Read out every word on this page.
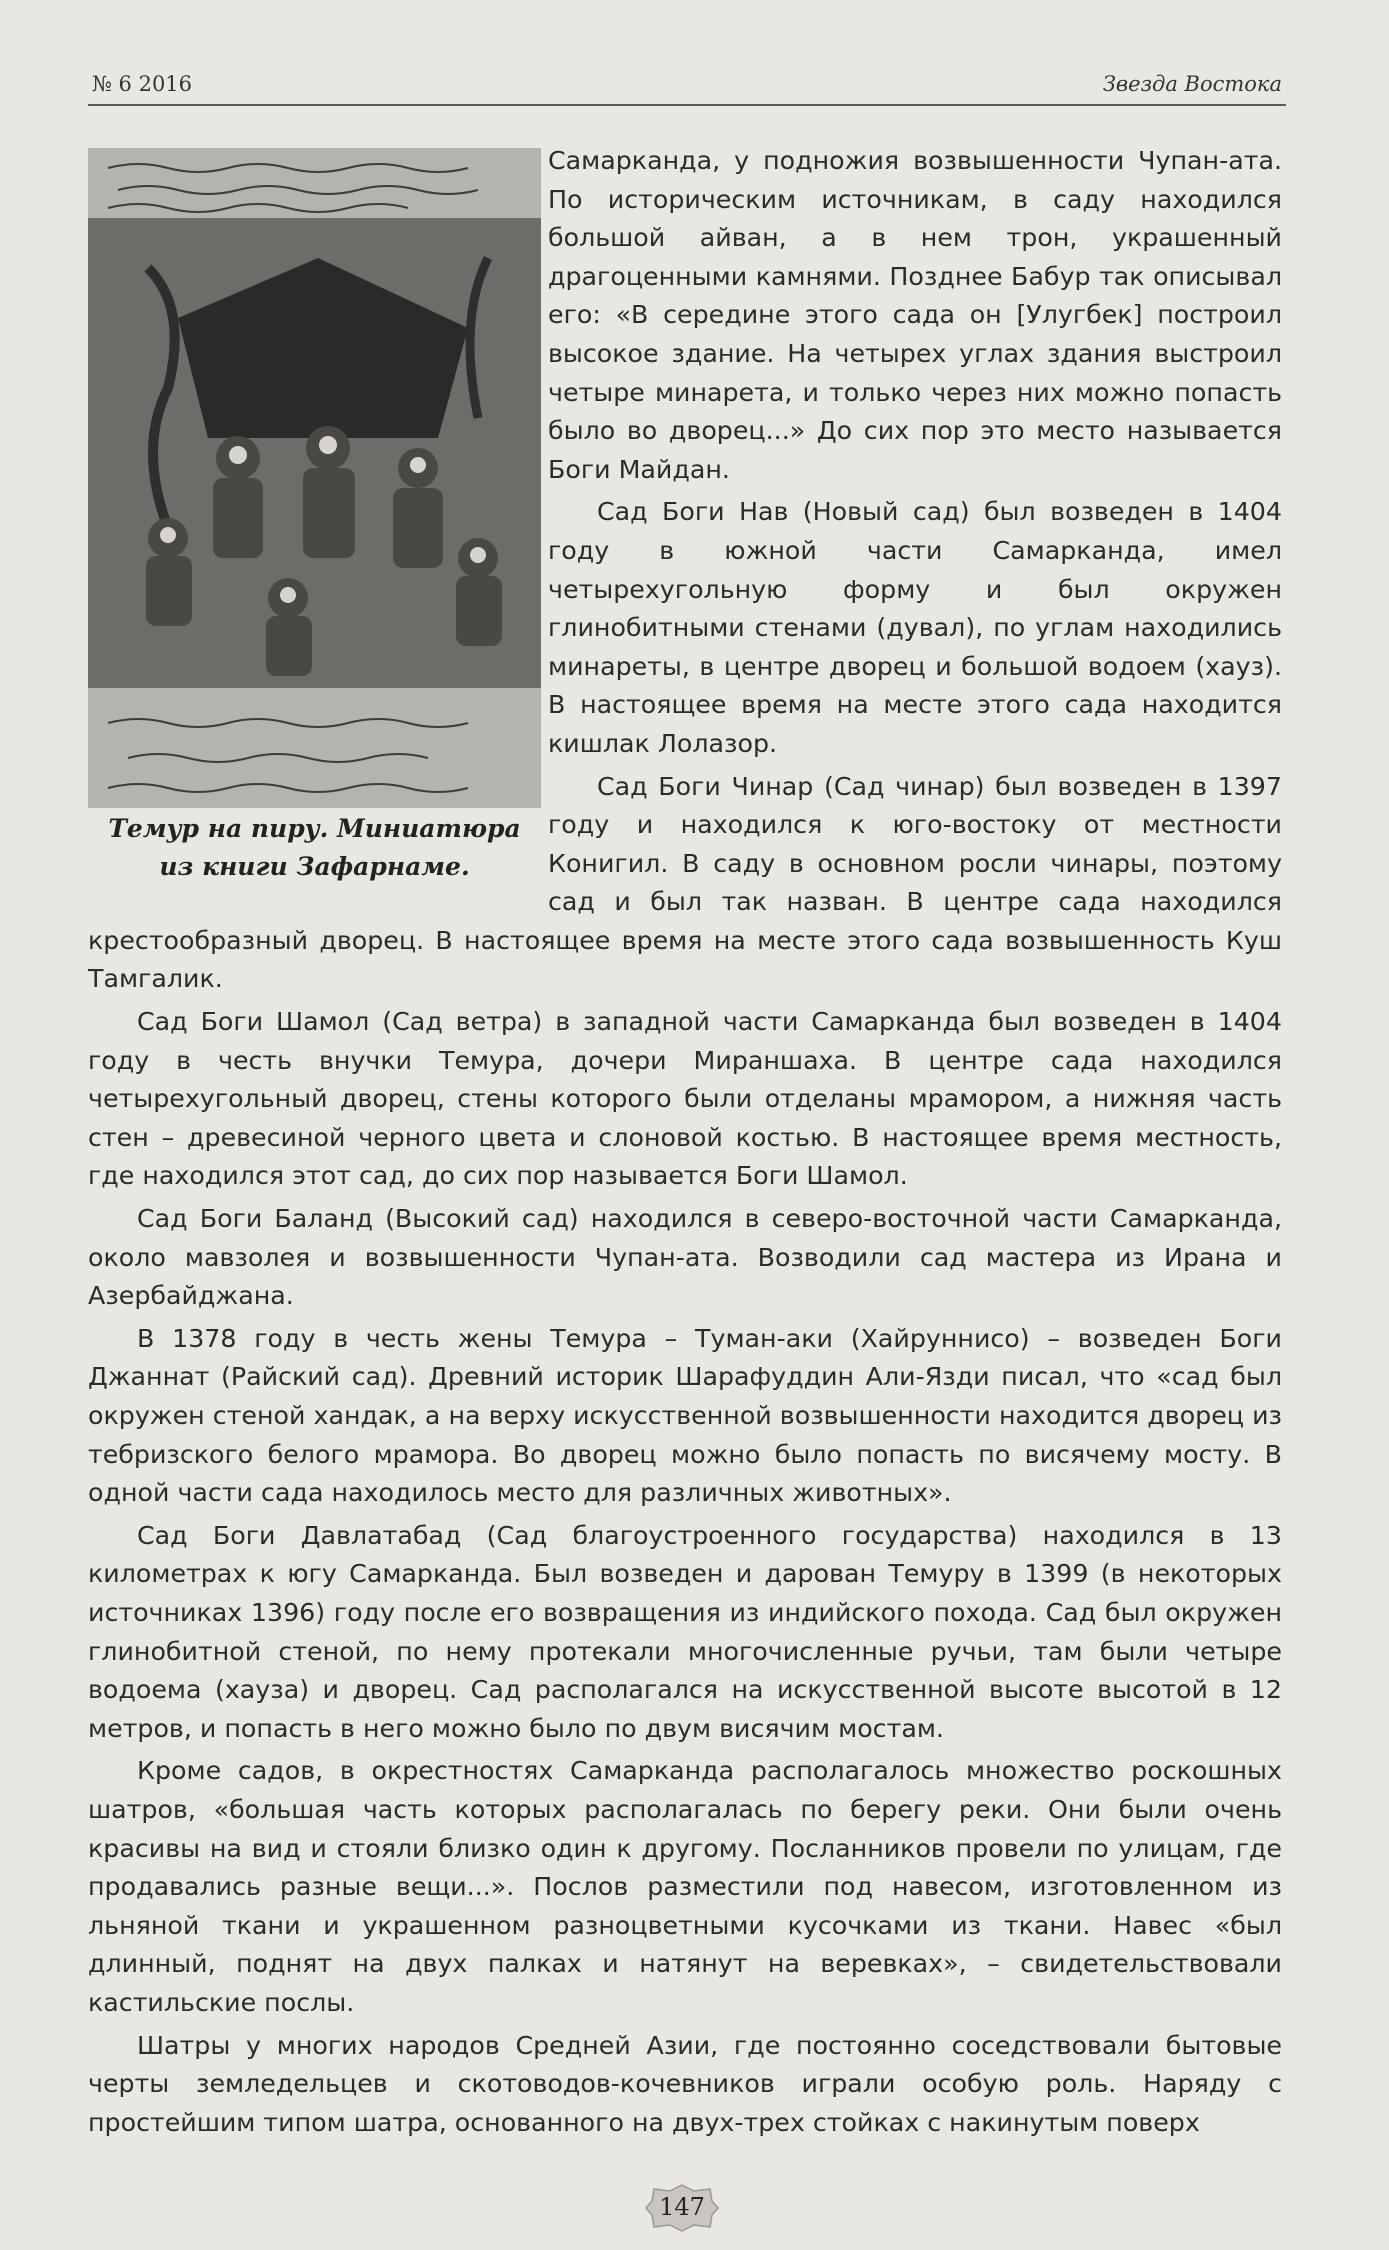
№ 6 2016	Звезда Востока
Темур на пиру. Миниатюра
из книги Зафарнаме.

Самарканда, у подножия возвышенности Чупан-ата. По историческим источникам, в саду находился большой айван, а в нем трон, украшенный драгоценными камнями. Позднее Бабур так описывал его: «В середине этого сада он [Улугбек] построил высокое здание. На четырех углах здания выстроил четыре минарета, и только через них можно попасть было во дворец...» До сих пор это место называется Боги Майдан.

Сад Боги Нав (Новый сад) был возведен в 1404 году в южной части Самарканда, имел четырехугольную форму и был окружен глинобитными стенами (дувал), по углам находились минареты, в центре дворец и большой водоем (хауз). В настоящее время на месте этого сада находится кишлак Лолазор.

Сад Боги Чинар (Сад чинар) был возведен в 1397 году и находился к юго-востоку от местности Конигил. В саду в основном росли чинары, поэтому сад и был так назван. В центре сада находился крестообразный дворец. В настоящее время на месте этого сада возвышенность Куш Тамгалик.

Сад Боги Шамол (Сад ветра) в западной части Самарканда был возведен в 1404 году в честь внучки Темура, дочери Мираншаха. В центре сада находился четырехугольный дворец, стены которого были отделаны мрамором, а нижняя часть стен – древесиной черного цвета и слоновой костью. В настоящее время местность, где находился этот сад, до сих пор называется Боги Шамол.

Сад Боги Баланд (Высокий сад) находился в северо-восточной части Самарканда, около мавзолея и возвышенности Чупан-ата. Возводили сад мастера из Ирана и Азербайджана.

В 1378 году в честь жены Темура – Туман-аки (Хайруннисо) – возведен Боги Джаннат (Райский сад). Древний историк Шарафуддин Али-Язди писал, что «сад был окружен стеной хандак, а на верху искусственной возвышенности находится дворец из тебризского белого мрамора. Во дворец можно было попасть по висячему мосту. В одной части сада находилось место для различных животных».

Сад Боги Давлатабад (Сад благоустроенного государства) находился в 13 километрах к югу Самарканда. Был возведен и дарован Темуру в 1399 (в некоторых источниках 1396) году после его возвращения из индийского похода. Сад был окружен глинобитной стеной, по нему протекали многочисленные ручьи, там были четыре водоема (хауза) и дворец. Сад располагался на искусственной высоте высотой в 12 метров, и попасть в него можно было по двум висячим мостам.

Кроме садов, в окрестностях Самарканда располагалось множество роскошных шатров, «большая часть которых располагалась по берегу реки. Они были очень красивы на вид и стояли близко один к другому. Посланников провели по улицам, где продавались разные вещи...». Послов разместили под навесом, изготовленном из льняной ткани и украшенном разноцветными кусочками из ткани. Навес «был длинный, поднят на двух палках и натянут на веревках», – свидетельствовали кастильские послы.

Шатры у многих народов Средней Азии, где постоянно соседствовали бытовые черты земледельцев и скотоводов-кочевников играли особую роль. Наряду с простейшим типом шатра, основанного на двух-трех стойках с накинутым поверх

147
